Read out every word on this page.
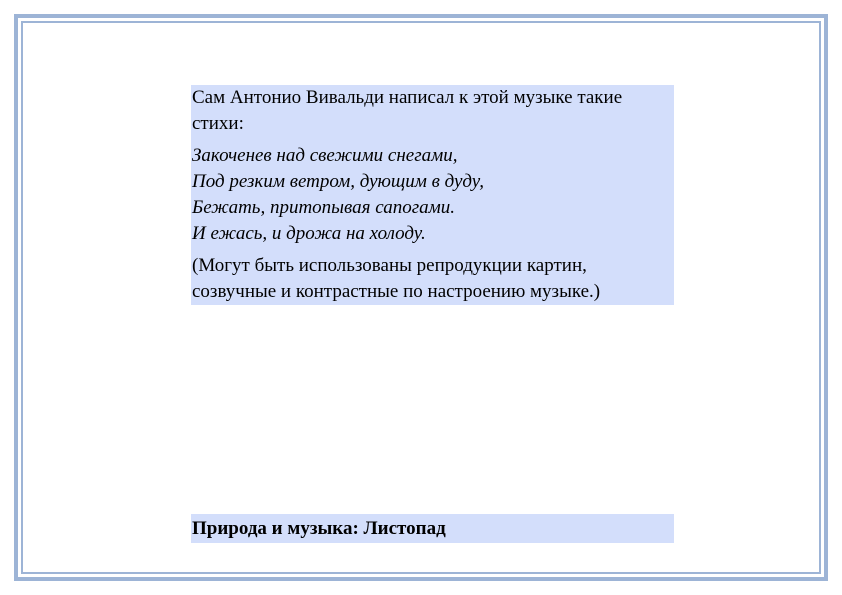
Сам Антонио Вивальди написал к этой музыке такие стихи:

Закоченев над свежими снегами,
Под резким ветром, дующим в дуду,
Бежать, притопывая сапогами.
И ежась, и дрожа на холоду.

(Могут быть использованы репродукции картин, созвучные и контрастные по настроению музыке.)

Природа и музыка: Листопад
